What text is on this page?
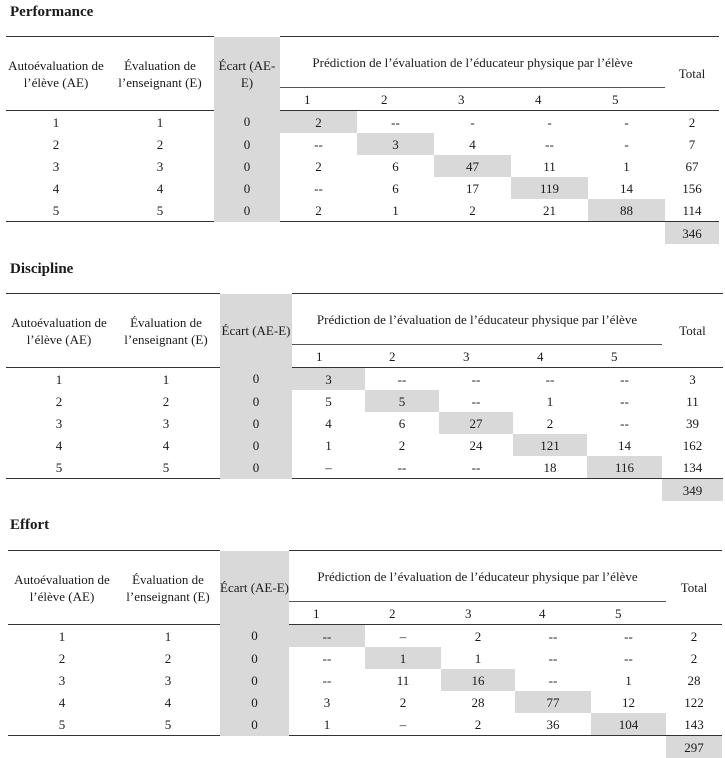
Performance
Autoévaluation de l’élève (AE)	Évaluation de l’enseignant (E)	Écart (AE-E)	Prédiction de l’évaluation de l’éducateur physique par l’élève					Total
			1	2	3	4	5	
1	1	0	2	--	-	-	-	2
2	2	0	--	3	4	--	-	7
3	3	0	2	6	47	11	1	67
4	4	0	--	6	17	119	14	156
5	5	0	2	1	2	21	88	114
								346
Discipline
Autoévaluation de l’élève (AE)	Évaluation de l’enseignant (E)	Écart (AE-E)	Prédiction de l’évaluation de l’éducateur physique par l’élève					Total
			1	2	3	4	5	
1	1	0	3	--	--	--	--	3
2	2	0	5	5	--	1	--	11
3	3	0	4	6	27	2	--	39
4	4	0	1	2	24	121	14	162
5	5	0	–	--	--	18	116	134
								349
Effort
Autoévaluation de l’élève (AE)	Évaluation de l’enseignant (E)	Écart (AE-E)	Prédiction de l’évaluation de l’éducateur physique par l’élève					Total
			1	2	3	4	5	
1	1	0	--	–	2	--	--	2
2	2	0	--	1	1	--	--	2
3	3	0	--	11	16	--	1	28
4	4	0	3	2	28	77	12	122
5	5	0	1	–	2	36	104	143
								297
